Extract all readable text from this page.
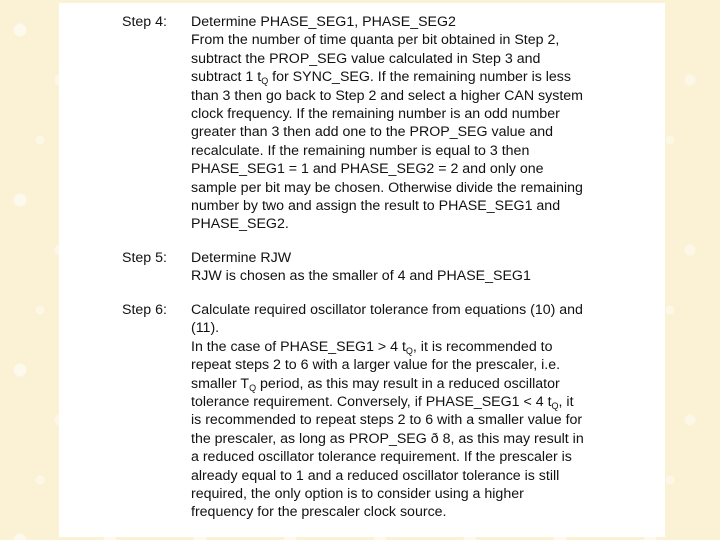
Step 4:	Determine PHASE_SEG1, PHASE_SEG2
From the number of time quanta per bit obtained in Step 2,
subtract the PROP_SEG value calculated in Step 3 and
subtract 1 $t_Q$ for SYNC_SEG. If the remaining number is less
than 3 then go back to Step 2 and select a higher CAN system
clock frequency. If the remaining number is an odd number
greater than 3 then add one to the PROP_SEG value and
recalculate. If the remaining number is equal to 3 then
PHASE_SEG1 = 1 and PHASE_SEG2 = 2 and only one
sample per bit may be chosen. Otherwise divide the remaining
number by two and assign the result to PHASE_SEG1 and
PHASE_SEG2.
Step 5:	Determine RJW
RJW is chosen as the smaller of 4 and PHASE_SEG1
Step 6:	Calculate required oscillator tolerance from equations (10) and
(11).
In the case of PHASE_SEG1 > 4 $t_Q$, it is recommended to
repeat steps 2 to 6 with a larger value for the prescaler, i.e.
smaller $T_Q$ period, as this may result in a reduced oscillator
tolerance requirement. Conversely, if PHASE_SEG1 < 4 $t_Q$, it
is recommended to repeat steps 2 to 6 with a smaller value for
the prescaler, as long as PROP_SEG ð 8, as this may result in
a reduced oscillator tolerance requirement. If the prescaler is
already equal to 1 and a reduced oscillator tolerance is still
required, the only option is to consider using a higher
frequency for the prescaler clock source.
